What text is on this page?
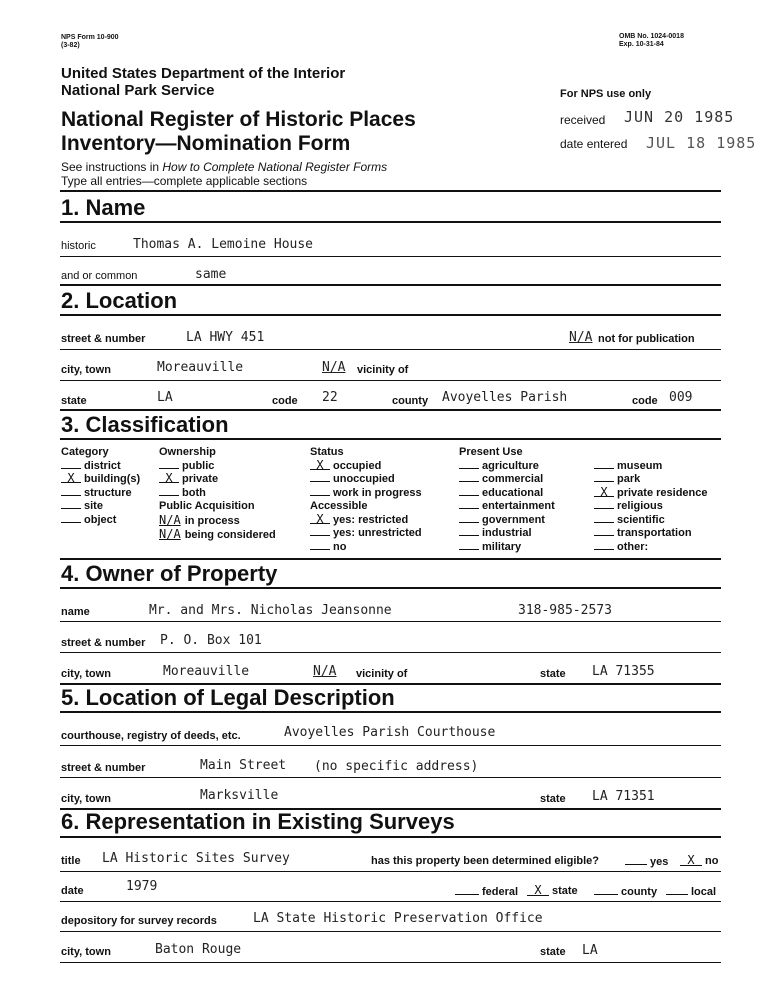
NPS Form 10-900
(3-82)
OMB No. 1024-0018
Exp. 10-31-84
United States Department of the Interior
National Park Service
National Register of Historic Places
Inventory—Nomination Form
See instructions in How to Complete National Register Forms
Type all entries—complete applicable sections
For NPS use only
received JUN 20 1985
date entered JUL 18 1985
1. Name
historic	Thomas A. Lemoine House
and or common	same
2. Location
street & number	LA HWY 451	N/A not for publication
city, town	Moreauville	N/A vicinity of
state	LA	code 22	county Avoyelles Parish	code 009
3. Classification
Category
district
X building(s)
structure
site
object
Ownership
public
X private
both
Public Acquisition
N/A in process
N/A being considered
Status
X occupied
unoccupied
work in progress
Accessible
X yes: restricted
yes: unrestricted
no
Present Use
agriculture
commercial
educational
entertainment
government
industrial
military
museum
park
X private residence
religious
scientific
transportation
other:
4. Owner of Property
name	Mr. and Mrs. Nicholas Jeansonne	318-985-2573
street & number P. O. Box 101
city, town	Moreauville	N/A vicinity of	state LA 71355
5. Location of Legal Description
courthouse, registry of deeds, etc.	Avoyelles Parish Courthouse
street & number	Main Street (no specific address)
city, town	Marksville	state LA 71351
6. Representation in Existing Surveys
title LA Historic Sites Survey	has this property been determined eligible?	yes	X no
date	1979	federal	X state	county	local
depository for survey records	LA State Historic Preservation Office
city, town	Baton Rouge	state LA
